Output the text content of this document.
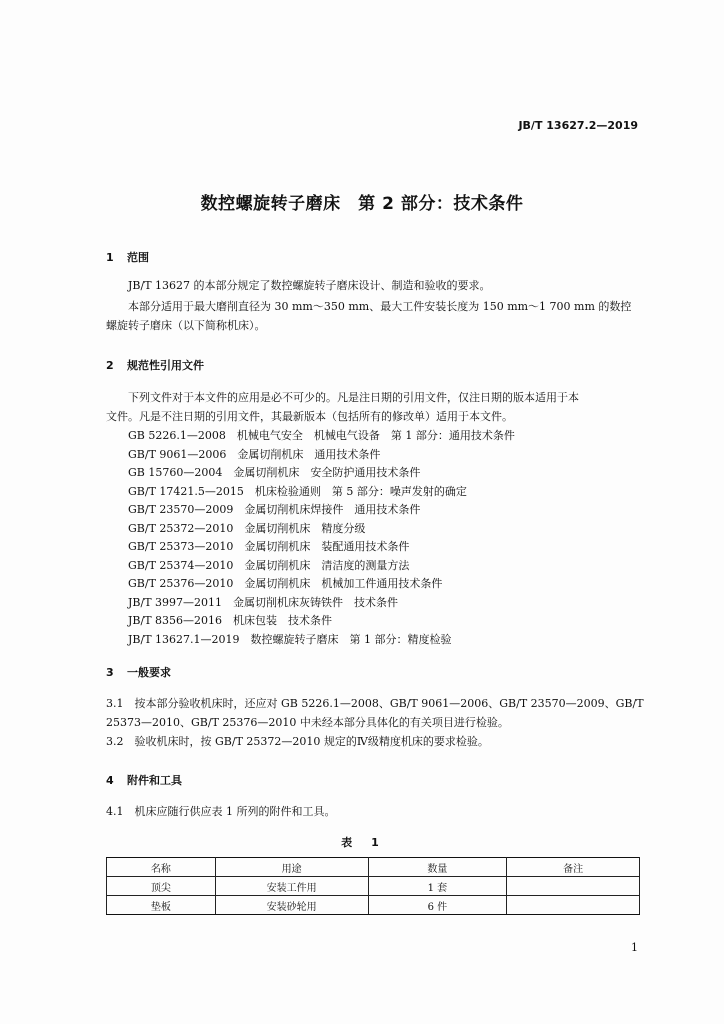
JB/T 13627.2—2019
数控螺旋转子磨床　第 2 部分：技术条件
1 范围
JB/T 13627 的本部分规定了数控螺旋转子磨床设计、制造和验收的要求。
本部分适用于最大磨削直径为 30 mm～350 mm、最大工件安装长度为 150 mm～1 700 mm 的数控
螺旋转子磨床（以下简称机床）。
2 规范性引用文件
下列文件对于本文件的应用是必不可少的。凡是注日期的引用文件，仅注日期的版本适用于本
文件。凡是不注日期的引用文件，其最新版本（包括所有的修改单）适用于本文件。
GB 5226.1—2008　机械电气安全　机械电气设备　第 1 部分：通用技术条件
GB/T 9061—2006　金属切削机床　通用技术条件
GB 15760—2004　金属切削机床　安全防护通用技术条件
GB/T 17421.5—2015　机床检验通则　第 5 部分：噪声发射的确定
GB/T 23570—2009　金属切削机床焊接件　通用技术条件
GB/T 25372—2010　金属切削机床　精度分级
GB/T 25373—2010　金属切削机床　装配通用技术条件
GB/T 25374—2010　金属切削机床　清洁度的测量方法
GB/T 25376—2010　金属切削机床　机械加工件通用技术条件
JB/T 3997—2011　金属切削机床灰铸铁件　技术条件
JB/T 8356—2016　机床包装　技术条件
JB/T 13627.1—2019　数控螺旋转子磨床　第 1 部分：精度检验
3 一般要求
3.1　按本部分验收机床时，还应对 GB 5226.1—2008、GB/T 9061—2006、GB/T 23570—2009、GB/T
25373—2010、GB/T 25376—2010 中未经本部分具体化的有关项目进行检验。
3.2　验收机床时，按 GB/T 25372—2010 规定的Ⅳ级精度机床的要求检验。
4 附件和工具
4.1　机床应随行供应表 1 所列的附件和工具。
表　1
名称	用途	数量	备注
顶尖	安装工件用	1 套	
垫板	安装砂轮用	6 件	
1
